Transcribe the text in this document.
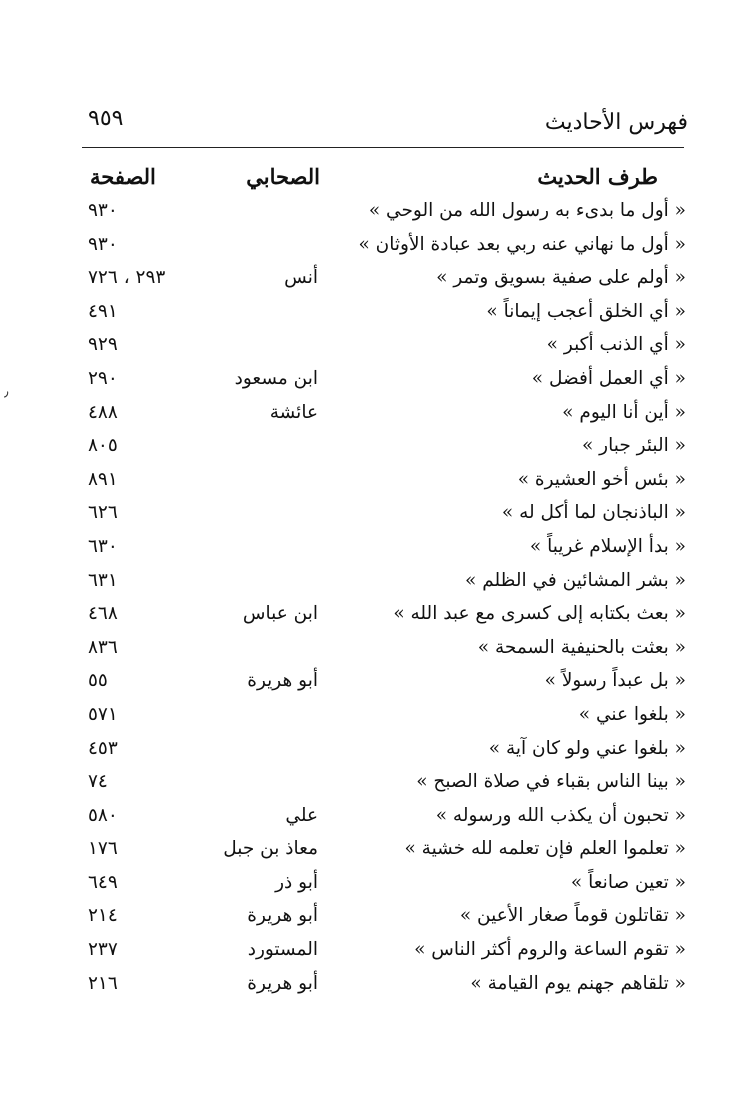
فهرس الأحاديث
٩٥٩
طرف الحديث
الصحابي
الصفحة
« أول ما بدىء به رسول الله من الوحي »
٩٣٠
« أول ما نهاني عنه ربي بعد عبادة الأوثان »
٩٣٠
« أولم على صفية بسويق وتمر »
أنس
٢٩٣ ، ٧٢٦
« أي الخلق أعجب إيماناً »
٤٩١
« أي الذنب أكبر »
٩٢٩
« أي العمل أفضل »
ابن مسعود
٢٩٠
« أين أنا اليوم »
عائشة
٤٨٨
« البئر جبار »
٨٠٥
« بئس أخو العشيرة »
٨٩١
« الباذنجان لما أكل له »
٦٢٦
« بدأ الإسلام غريباً »
٦٣٠
« بشر المشائين في الظلم »
٦٣١
« بعث بكتابه إلى كسرى مع عبد الله »
ابن عباس
٤٦٨
« بعثت بالحنيفية السمحة »
٨٣٦
« بل عبداً رسولاً »
أبو هريرة
٥٥
« بلغوا عني »
٥٧١
« بلغوا عني ولو كان آية »
٤٥٣
« بينا الناس بقباء في صلاة الصبح »
٧٤
« تحبون أن يكذب الله ورسوله »
علي
٥٨٠
« تعلموا العلم فإن تعلمه لله خشية »
معاذ بن جبل
١٧٦
« تعين صانعاً »
أبو ذر
٦٤٩
« تقاتلون قوماً صغار الأعين »
أبو هريرة
٢١٤
« تقوم الساعة والروم أكثر الناس »
المستورد
٢٣٧
« تلقاهم جهنم يوم القيامة »
أبو هريرة
٢١٦
٫
